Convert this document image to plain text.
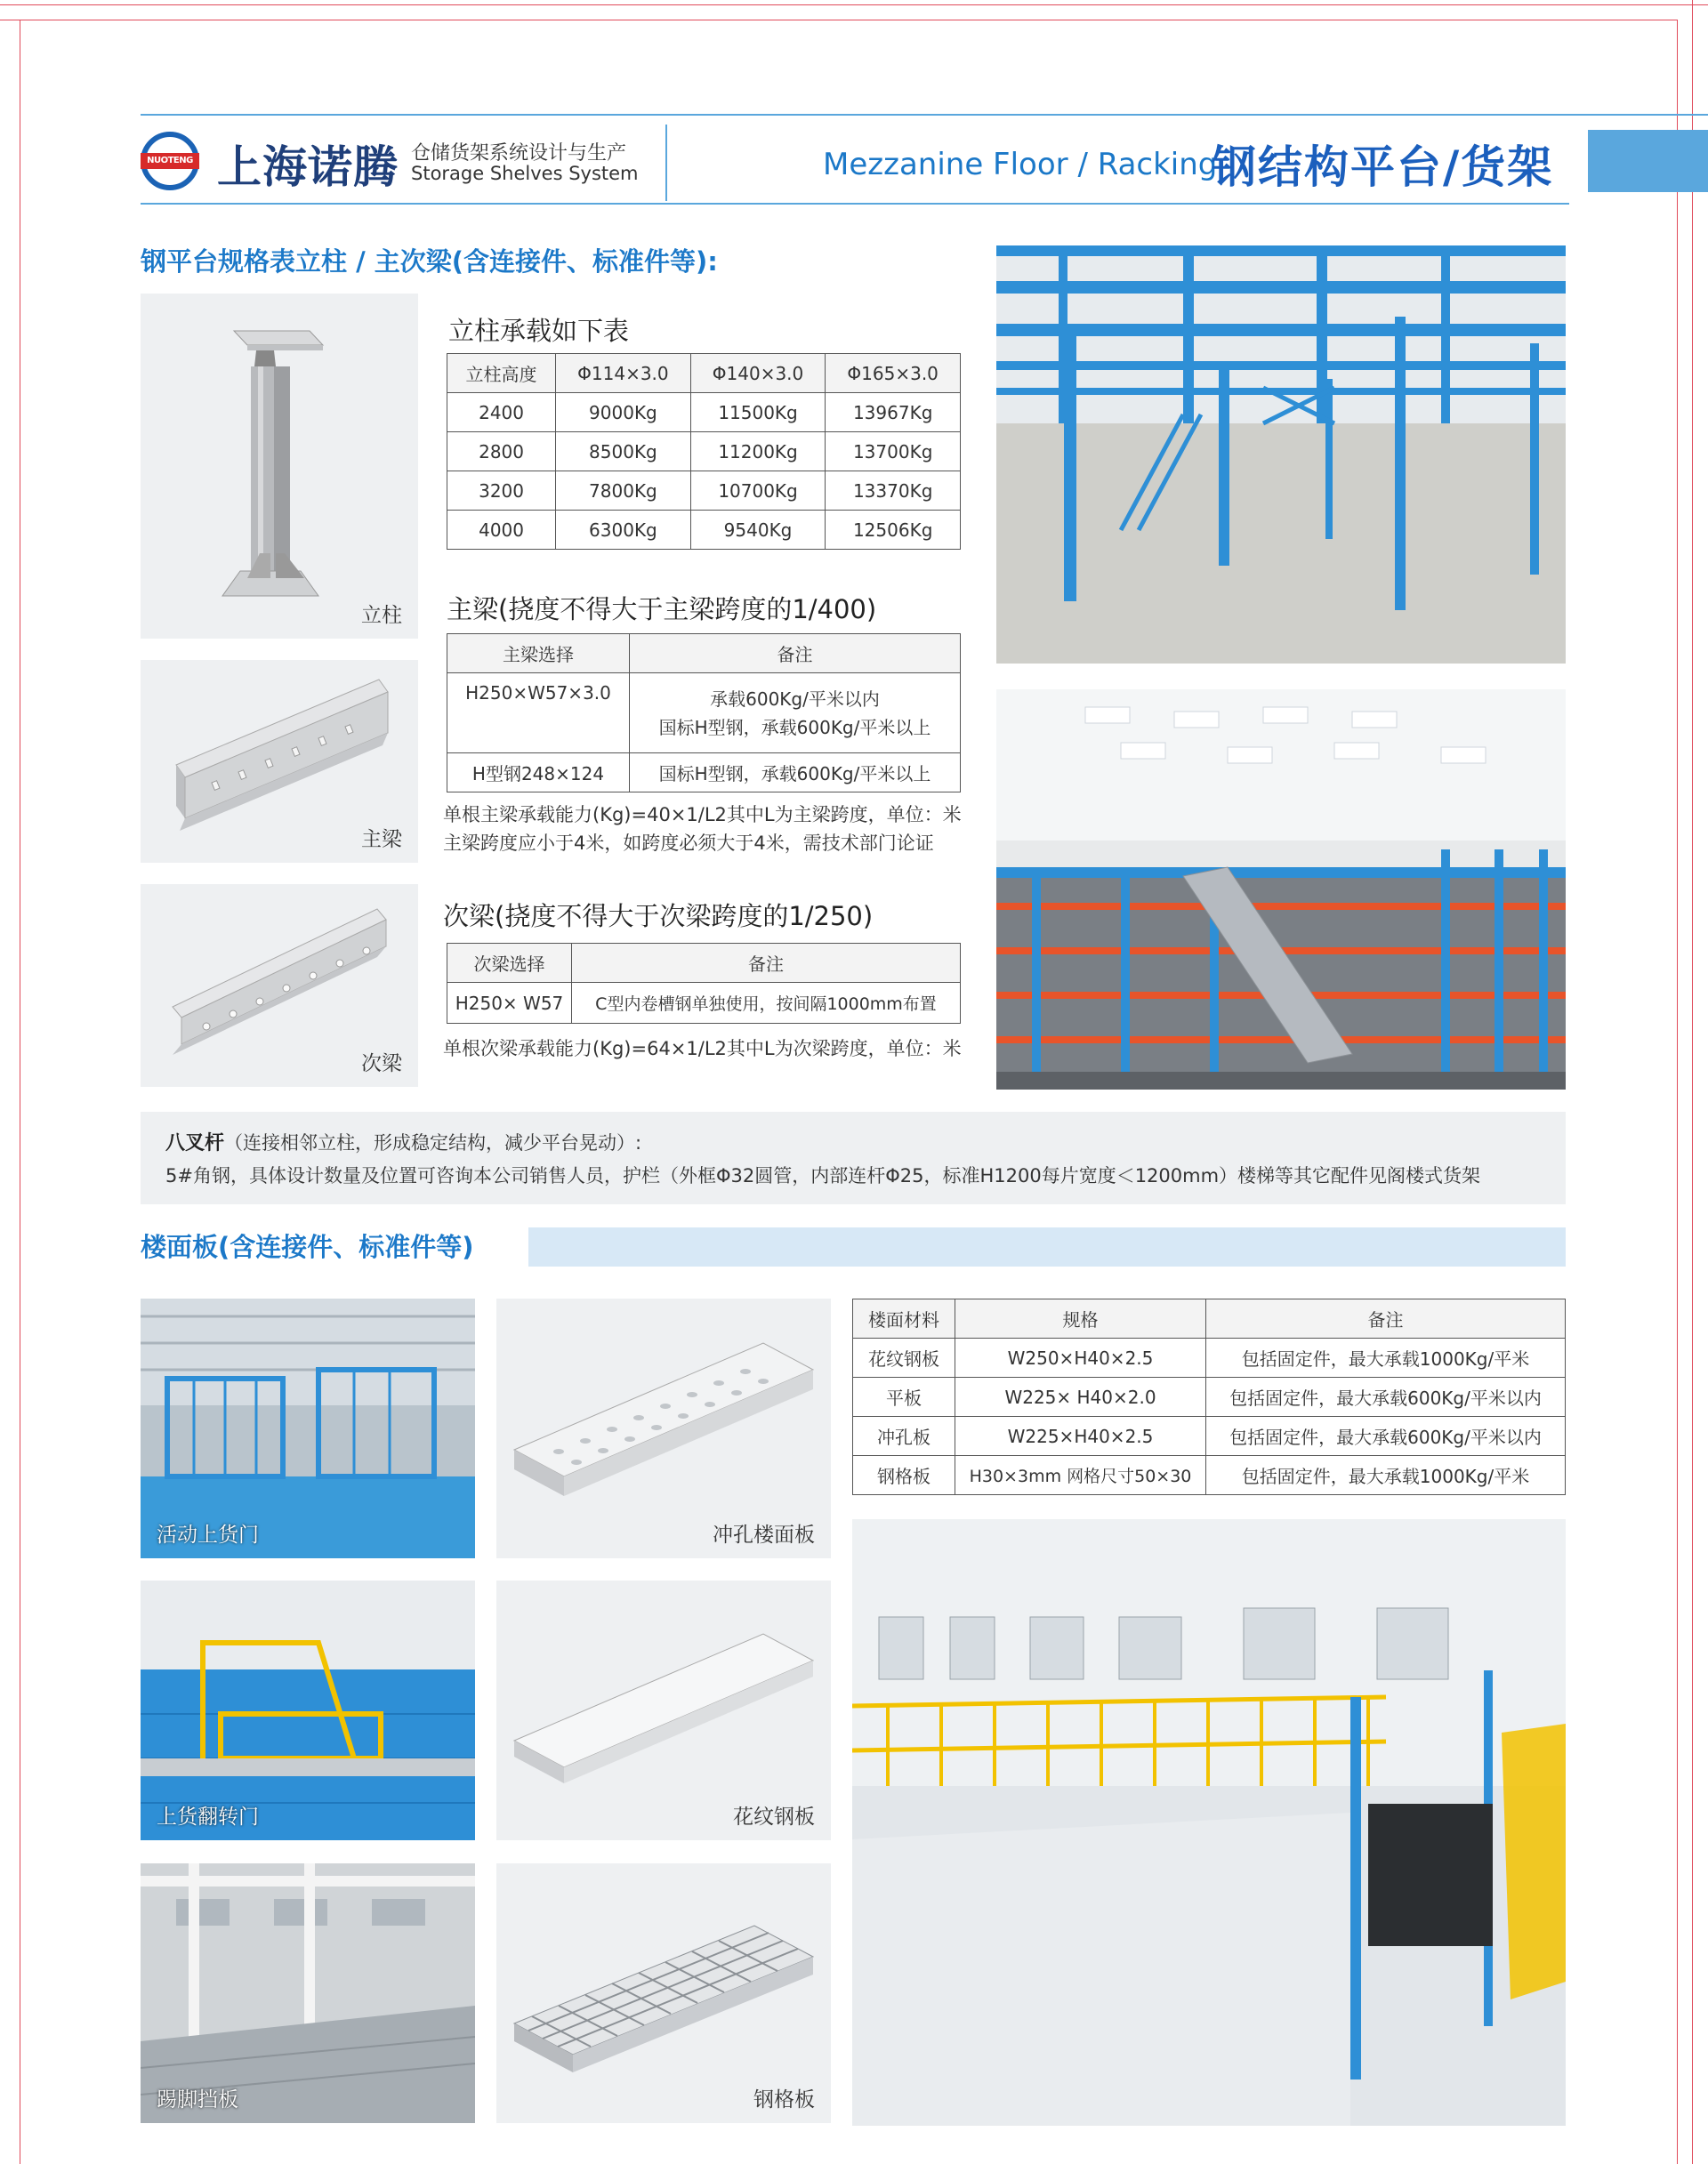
NUOTENG 上海诺腾 仓储货架系统设计与生产
Storage Shelves System	Mezzanine Floor / Racking
钢结构平台/货架
钢平台规格表立柱 / 主次梁(含连接件、标准件等):
立柱
主梁
次梁
立柱承载如下表
立柱高度	Φ114×3.0	Φ140×3.0	Φ165×3.0
2400	9000Kg	11500Kg	13967Kg
2800	8500Kg	11200Kg	13700Kg
3200	7800Kg	10700Kg	13370Kg
4000	6300Kg	9540Kg	12506Kg
主梁(挠度不得大于主梁跨度的1/400)
主梁选择	备注
H250×W57×3.0	承载600Kg/平米以内
国标H型钢，承载600Kg/平米以上

H型钢248×124	国标H型钢，承载600Kg/平米以上
单根主梁承载能力(Kg)=40×1/L2其中L为主梁跨度，单位：米
主梁跨度应小于4米，如跨度必须大于4米，需技术部门论证
次梁(挠度不得大于次梁跨度的1/250)
次梁选择	备注
H250× W57	C型内卷槽钢单独使用，按间隔1000mm布置
单根次梁承载能力(Kg)=64×1/L2其中L为次梁跨度，单位：米
八叉杆（连接相邻立柱，形成稳定结构，减少平台晃动）:
5#角钢，具体设计数量及位置可咨询本公司销售人员，护栏（外框Φ32圆管，内部连杆Φ25，标准H1200每片宽度＜1200mm）楼梯等其它配件见阁楼式货架
楼面板(含连接件、标准件等)
活动上货门
上货翻转门
踢脚挡板
冲孔楼面板
花纹钢板
钢格板
楼面材料	规格	备注
花纹钢板	W250×H40×2.5	包括固定件，最大承载1000Kg/平米
平板	W225× H40×2.0	包括固定件，最大承载600Kg/平米以内
冲孔板	W225×H40×2.5	包括固定件，最大承载600Kg/平米以内
钢格板	H30×3mm 网格尺寸50×30	包括固定件，最大承载1000Kg/平米
